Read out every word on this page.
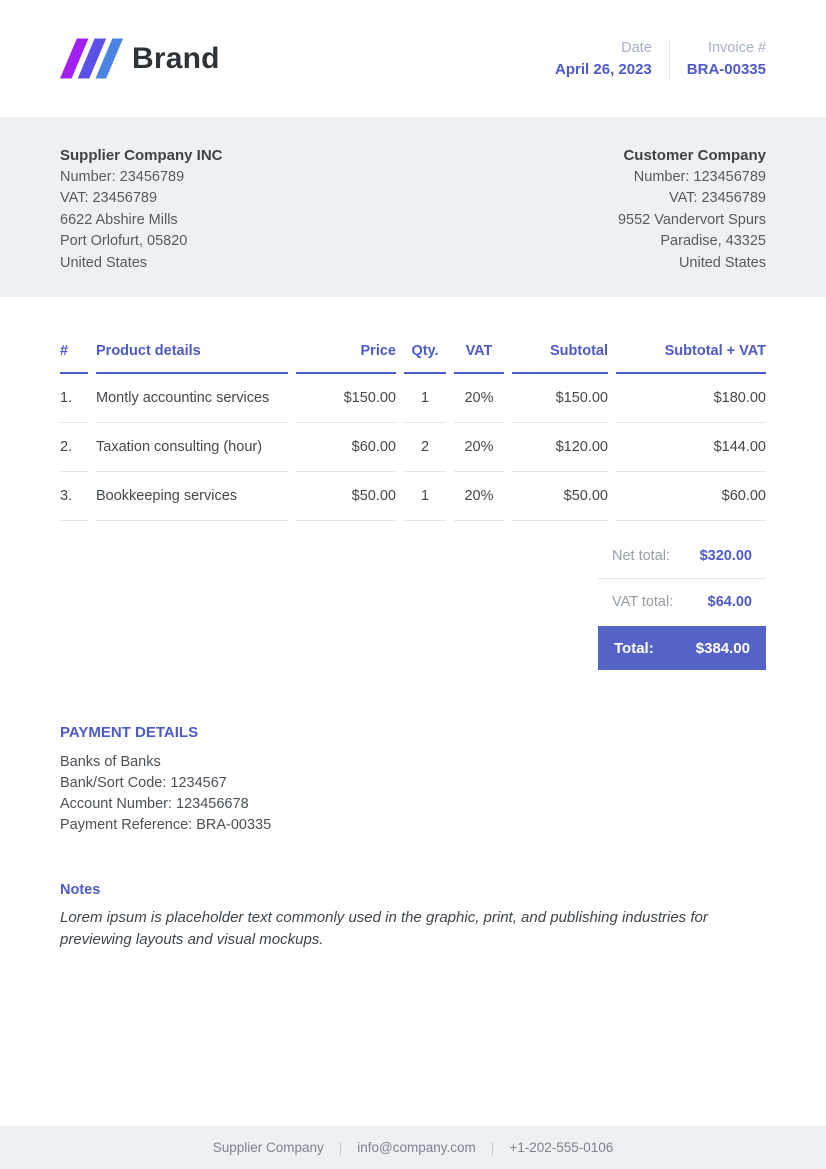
Brand	Date
April 26, 2023
Invoice #
BRA-00335
Supplier Company INC
Number: 23456789
VAT: 23456789
6622 Abshire Mills
Port Orlofurt, 05820
United States
Customer Company
Number: 123456789
VAT: 23456789
9552 Vandervort Spurs
Paradise, 43325
United States
#	Product details	Price	Qty.	VAT	Subtotal	Subtotal + VAT
1.	Montly accountinc services	$150.00	1	20%	$150.00	$180.00
2.	Taxation consulting (hour)	$60.00	2	20%	$120.00	$144.00
3.	Bookkeeping services	$50.00	1	20%	$50.00	$60.00
Net total: $320.00
VAT total: $64.00
Total:	$384.00
PAYMENT DETAILS
Banks of Banks
Bank/Sort Code: 1234567
Account Number: 123456678
Payment Reference: BRA-00335
Notes
Lorem ipsum is placeholder text commonly used in the graphic, print, and publishing industries for previewing layouts and visual mockups.
Supplier Company | info@company.com | +1-202-555-0106
